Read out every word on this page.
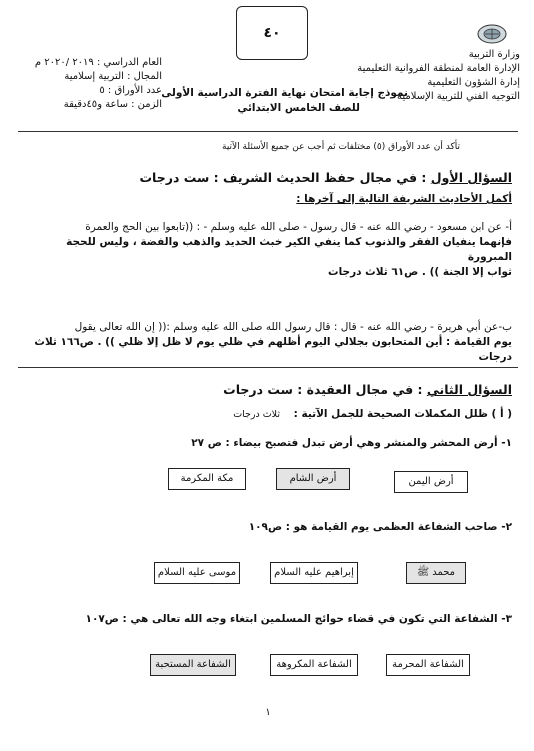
وزارة التربية
الإدارة العامة لمنطقة الفروانية التعليمية
إدارة الشؤون التعليمية
التوجيه الفني للتربية الإسلامية
٤٠
نموذج إجابة امتحان نهاية الفترة الدراسية الأولى
للصف الخامس الابتدائي
العام الدراسي : ٢٠١٩ /٢٠٢٠ م
المجال : التربية إسلامية
عدد الأوراق : ٥
الزمن : ساعة و٤٥دقيقة
تأكد أن عدد الأوراق (٥) مختلفات ثم أجب عن جميع الأسئلة الآتية
السؤال الأول : في مجال حفظ الحديث الشريف : ست درجات
أكمل الأحاديث الشريفة التالية إلى آخرها :
أ- عن ابن مسعود - رضي الله عنه - قال رسول - صلى الله عليه وسلم - : ((تابعوا بين الحج والعمرة
فإنهما ينفيان الفقر والذنوب كما ينفي الكير خبث الحديد والذهب والفضة ، وليس للحجة المبرورة
ثواب إلا الجنة )) . ص٦١ ثلاث درجات
ب-عن أبي هريرة - رضي الله عنه - قال : قال رسول الله صلى الله عليه وسلم :(( إن الله تعالى يقول
يوم القيامة : أين المتحابون بجلالي اليوم أظلهم في ظلي يوم لا ظل إلا ظلي )) . ص١٦٦ ثلاث درجات
السؤال الثاني : في مجال العقيدة : ست درجات
( أ ) ظلل المكملات الصحيحة للجمل الآتية :
ثلاث درجات
١- أرض المحشر والمنشر وهي أرض تبدل فتصبح بيضاء : ص ٢٧
أرض اليمن
أرض الشام
مكة المكرمة
٢- صاحب الشفاعة العظمى يوم القيامة هو : ص١٠٩
محمد ﷺ
إبراهيم عليه السلام
موسى عليه السلام
٣- الشفاعة التي تكون في قضاء حوائج المسلمين ابتغاء وجه الله تعالى هي : ص١٠٧
الشفاعة المحرمة
الشفاعة المكروهة
الشفاعة المستحبة
١
